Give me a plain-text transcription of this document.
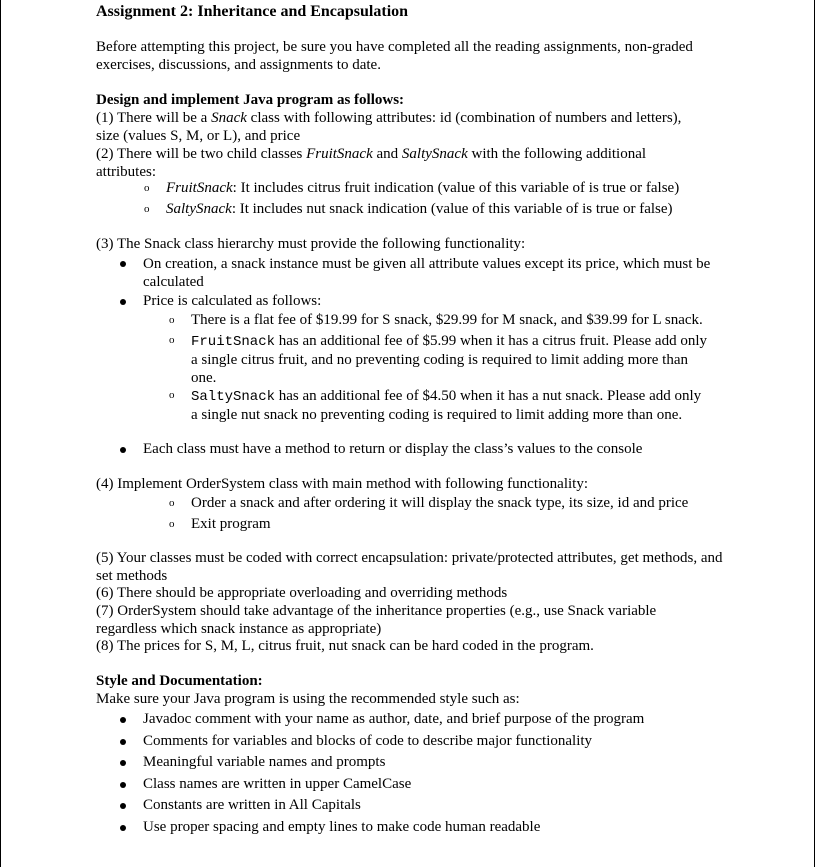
Assignment 2: Inheritance and Encapsulation
Before attempting this project, be sure you have completed all the reading assignments, non-graded exercises, discussions, and assignments to date.
Design and implement Java program as follows:
(1) There will be a Snack class with following attributes: id (combination of numbers and letters), size (values S, M, or L), and price
(2) There will be two child classes FruitSnack and SaltySnack with the following additional attributes:
o FruitSnack: It includes citrus fruit indication (value of this variable of is true or false)
o SaltySnack: It includes nut snack indication (value of this variable of is true or false)
(3) The Snack class hierarchy must provide the following functionality:
On creation, a snack instance must be given all attribute values except its price, which must be calculated
Price is calculated as follows:
o There is a flat fee of $19.99 for S snack, $29.99 for M snack, and $39.99 for L snack.
o FruitSnack has an additional fee of $5.99 when it has a citrus fruit. Please add only a single citrus fruit, and no preventing coding is required to limit adding more than one.
o SaltySnack has an additional fee of $4.50 when it has a nut snack. Please add only a single nut snack no preventing coding is required to limit adding more than one.
Each class must have a method to return or display the class’s values to the console
(4) Implement OrderSystem class with main method with following functionality:
o Order a snack and after ordering it will display the snack type, its size, id and price
o Exit program
(5) Your classes must be coded with correct encapsulation: private/protected attributes, get methods, and set methods
(6) There should be appropriate overloading and overriding methods
(7) OrderSystem should take advantage of the inheritance properties (e.g., use Snack variable regardless which snack instance as appropriate)
(8) The prices for S, M, L, citrus fruit, nut snack can be hard coded in the program.
Style and Documentation:
Make sure your Java program is using the recommended style such as:
Javadoc comment with your name as author, date, and brief purpose of the program
Comments for variables and blocks of code to describe major functionality
Meaningful variable names and prompts
Class names are written in upper CamelCase
Constants are written in All Capitals
Use proper spacing and empty lines to make code human readable
